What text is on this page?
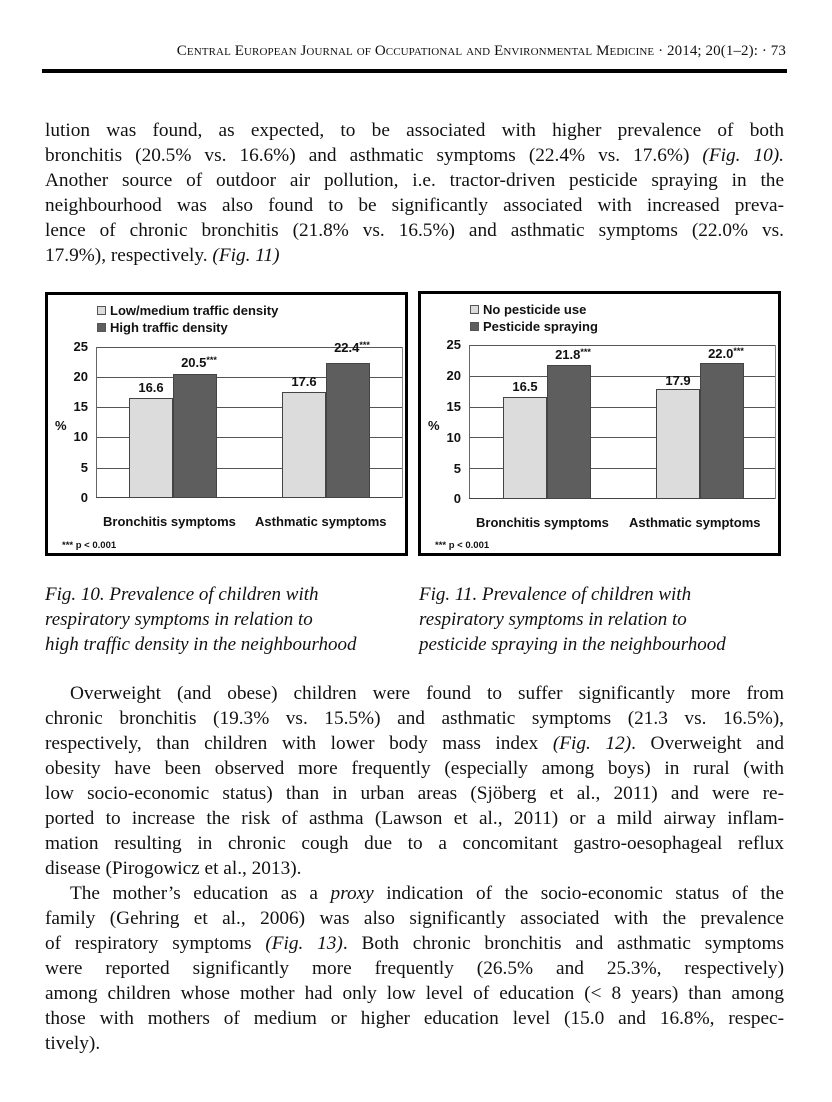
Central European Journal of Occupational and Environmental Medicine · 2014; 20(1–2): · 73
lution was found, as expected, to be associated with higher prevalence of both
bronchitis (20.5% vs. 16.6%) and asthmatic symptoms (22.4% vs. 17.6%) (Fig. 10).
Another source of outdoor air pollution, i.e. tractor-driven pesticide spraying in the
neighbourhood was also found to be significantly associated with increased preva-
lence of chronic bronchitis (21.8% vs. 16.5%) and asthmatic symptoms (22.0% vs.
17.9%), respectively. (Fig. 11)
Low/medium traffic density
High traffic density
%
25
20
15
10
5
0
16.6
20.5***
17.6
22.4***
Bronchitis symptoms Asthmatic symptoms
*** p < 0.001
No pesticide use
Pesticide spraying
%
25
20
15
10
5
0
16.5
21.8***
17.9
22.0***
Bronchitis symptoms Asthmatic symptoms
*** p < 0.001
Fig. 10. Prevalence of children with
respiratory symptoms in relation to
high traffic density in the neighbourhood
Fig. 11. Prevalence of children with
respiratory symptoms in relation to
pesticide spraying in the neighbourhood
Overweight (and obese) children were found to suffer significantly more from
chronic bronchitis (19.3% vs. 15.5%) and asthmatic symptoms (21.3 vs. 16.5%),
respectively, than children with lower body mass index (Fig. 12). Overweight and
obesity have been observed more frequently (especially among boys) in rural (with
low socio-economic status) than in urban areas (Sjöberg et al., 2011) and were re-
ported to increase the risk of asthma (Lawson et al., 2011) or a mild airway inflam-
mation resulting in chronic cough due to a concomitant gastro-oesophageal reflux
disease (Pirogowicz et al., 2013).
The mother’s education as a proxy indication of the socio-economic status of the
family (Gehring et al., 2006) was also significantly associated with the prevalence
of respiratory symptoms (Fig. 13). Both chronic bronchitis and asthmatic symptoms
were reported significantly more frequently (26.5% and 25.3%, respectively)
among children whose mother had only low level of education (< 8 years) than among
those with mothers of medium or higher education level (15.0 and 16.8%, respec-
tively).
